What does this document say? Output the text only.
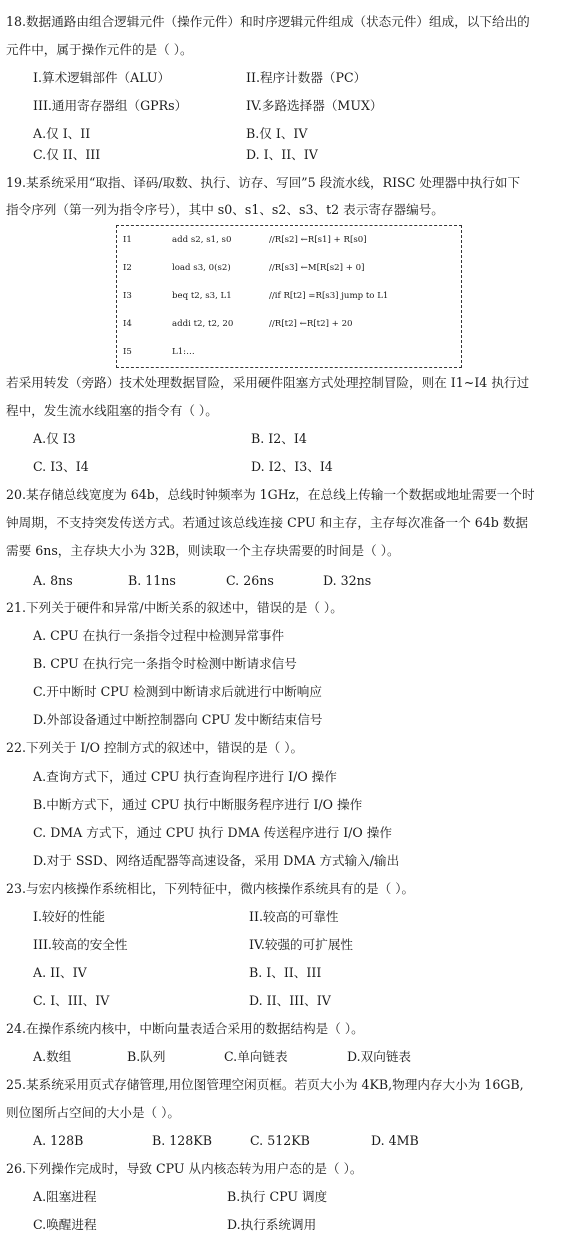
18.数据通路由组合逻辑元件（操作元件）和时序逻辑元件组成（状态元件）组成，以下给出的
元件中，属于操作元件的是（ ）。
I.算术逻辑部件（ALU）	II.程序计数器（PC）
III.通用寄存器组（GPRs）	IV.多路选择器（MUX）
A.仅 I、II	B.仅 I、IV
C.仅 II、III	D. I、II、IV
19.某系统采用“取指、译码/取数、执行、访存、写回”5 段流水线，RISC 处理器中执行如下
指令序列（第一列为指令序号），其中 s0、s1、s2、s3、t2 表示寄存器编号。
I1	add s2, s1, s0	//R[s2] ←R[s1] + R[s0]
I2	load s3, 0(s2)	//R[s3] ←M[R[s2] + 0]
I3	beq t2, s3, L1	//if R[t2] =R[s3] jump to L1
I4	addi t2, t2, 20	//R[t2] ←R[t2] + 20
I5	L1:…
若采用转发（旁路）技术处理数据冒险，采用硬件阻塞方式处理控制冒险，则在 I1~I4 执行过
程中，发生流水线阻塞的指令有（ ）。
A.仅 I3	B. I2、I4
C. I3、I4	D. I2、I3、I4
20.某存储总线宽度为 64b，总线时钟频率为 1GHz，在总线上传输一个数据或地址需要一个时
钟周期，不支持突发传送方式。若通过该总线连接 CPU 和主存，主存每次准备一个 64b 数据
需要 6ns，主存块大小为 32B，则读取一个主存块需要的时间是（ ）。
A. 8ns	B. 11ns	C. 26ns	D. 32ns
21.下列关于硬件和异常/中断关系的叙述中，错误的是（ ）。
A. CPU 在执行一条指令过程中检测异常事件
B. CPU 在执行完一条指令时检测中断请求信号
C.开中断时 CPU 检测到中断请求后就进行中断响应
D.外部设备通过中断控制器向 CPU 发中断结束信号
22.下列关于 I/O 控制方式的叙述中，错误的是（ ）。
A.查询方式下，通过 CPU 执行查询程序进行 I/O 操作
B.中断方式下，通过 CPU 执行中断服务程序进行 I/O 操作
C. DMA 方式下，通过 CPU 执行 DMA 传送程序进行 I/O 操作
D.对于 SSD、网络适配器等高速设备，采用 DMA 方式输入/输出
23.与宏内核操作系统相比，下列特征中，微内核操作系统具有的是（ ）。
I.较好的性能	II.较高的可靠性
III.较高的安全性	IV.较强的可扩展性
A. II、IV	B. I、II、III
C. I、III、IV	D. II、III、IV
24.在操作系统内核中，中断向量表适合采用的数据结构是（ ）。
A.数组	B.队列	C.单向链表	D.双向链表
25.某系统采用页式存储管理,用位图管理空闲页框。若页大小为 4KB,物理内存大小为 16GB,
则位图所占空间的大小是（ ）。
A. 128B	B. 128KB	C. 512KB	D. 4MB
26.下列操作完成时，导致 CPU 从内核态转为用户态的是（ ）。
A.阻塞进程	B.执行 CPU 调度
C.唤醒进程	D.执行系统调用
